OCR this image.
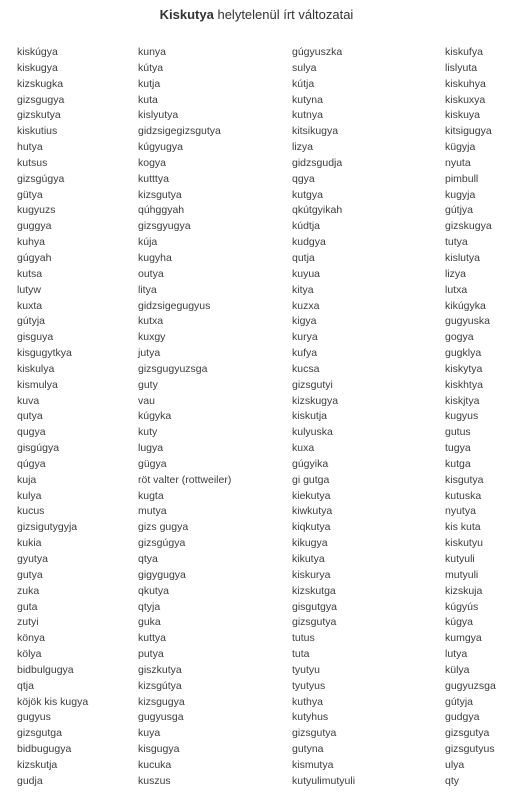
Kiskutya helytelenül írt változatai
kiskúgya
kiskugya
kizskugka
gizsgugya
gizskutya
kiskutius
hutya
kutsus
gizsgúgya
gütya
kugyuzs
guggya
kuhya
gúgyah
kutsa
lutyw
kuxta
gútyja
gisguya
kisgugytkya
kiskulya
kismulya
kuva
qutya
qugya
gisgúgya
qúgya
kuja
kulya
kucus
gizsigutygyja
kukia
gyutya
gutya
zuka
guta
zutyi
könya
kölya
bidbulgugya
qtja
köjök kis kugya
gugyus
gizsgutga
bidbugugya
kizskutja
gudja
kunya
kútya
kutja
kuta
kislyutya
gidzsigegizsgutya
kúgyugya
kogya
kutttya
kizsgutya
qúhggyah
gizsgyugya
kúja
kugyha
outya
litya
gidzsigegugyus
kutxa
kuxgy
jutya
gizsgugyuzsga
guty
vau
kúgyka
kuty
lugya
gügya
röt valter (rottweiler)
kugta
mutya
gizs gugya
gizsgúgya
qtya
gigygugya
qkutya
qtyja
guka
kuttya
putya
giszkutya
kizsgútya
kizsgugya
gugyusga
kuya
kisgugya
kucuka
kuszus
gúgyuszka
sulya
kútja
kutyna
kutnya
kitsikugya
lizya
gidzsgudja
qgya
kutgya
qkútgyikah
kúdtja
kudgya
qutja
kuyua
kitya
kuzxa
kigya
kurya
kufya
kucsa
gizsgutyi
kizskugya
kiskutja
kulyuska
kuxa
gúgyika
gi gutga
kiekutya
kiwkutya
kiqkutya
kikugya
kikutya
kiskurya
kizskutga
gisgutgya
gizsgutya
tutus
tuta
tyutyu
tyutyus
kuthya
kutyhus
gizsgutya
gutyna
kismutya
kutyulimutyuli
kiskufya
lislyuta
kiskuhya
kiskuxya
kiskuya
kitsigugya
kügyja
nyuta
pimbull
kugyja
gútjya
gizskugya
tutya
kislutya
lizya
lutxa
kikúgyka
gugyuska
gogya
gugklya
kiskytya
kiskhtya
kiskjtya
kugyus
gutus
tugya
kutga
kisgutya
kutuska
nyutya
kis kuta
kiskutyu
kutyuli
mutyuli
kizskuja
kúgyús
kúgya
kumgya
lutya
külya
gugyuzsga
gútyja
gudgya
gizsgutya
gizsgutyus
ulya
qty
